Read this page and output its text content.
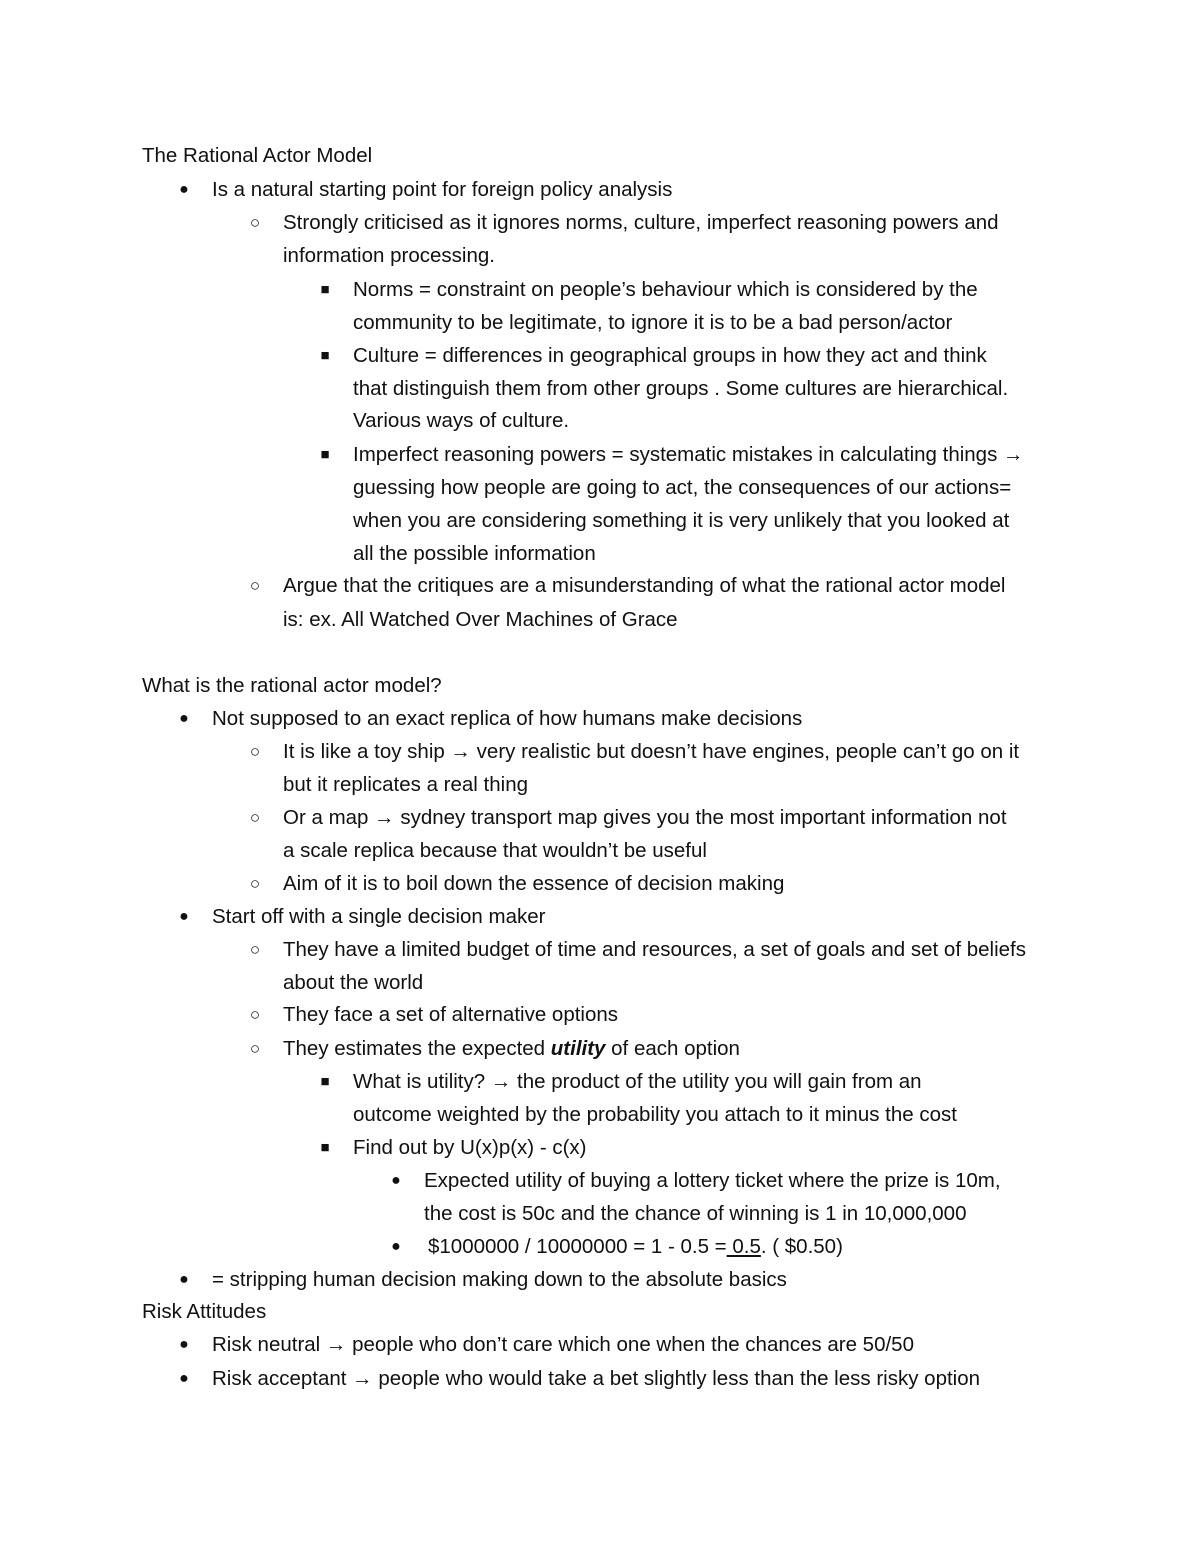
The Rational Actor Model
● Is a natural starting point for foreign policy analysis
○ Strongly criticised as it ignores norms, culture, imperfect reasoning powers and
information processing.
■ Norms = constraint on people’s behaviour which is considered by the
community to be legitimate, to ignore it is to be a bad person/actor
■ Culture = differences in geographical groups in how they act and think
that distinguish them from other groups . Some cultures are hierarchical.
Various ways of culture.
■ Imperfect reasoning powers = systematic mistakes in calculating things →
guessing how people are going to act, the consequences of our actions=
when you are considering something it is very unlikely that you looked at
all the possible information
○ Argue that the critiques are a misunderstanding of what the rational actor model
is: ex. All Watched Over Machines of Grace
What is the rational actor model?
● Not supposed to an exact replica of how humans make decisions
○ It is like a toy ship → very realistic but doesn’t have engines, people can’t go on it
but it replicates a real thing
○ Or a map → sydney transport map gives you the most important information not
a scale replica because that wouldn’t be useful
○ Aim of it is to boil down the essence of decision making
● Start off with a single decision maker
○ They have a limited budget of time and resources, a set of goals and set of beliefs
about the world
○ They face a set of alternative options
○ They estimates the expected utility of each option
■ What is utility? → the product of the utility you will gain from an
outcome weighted by the probability you attach to it minus the cost
■ Find out by U(x)p(x) - c(x)
● Expected utility of buying a lottery ticket where the prize is 10m,
the cost is 50c and the chance of winning is 1 in 10,000,000
● $1000000 / 10000000 = 1 - 0.5 = 0.5. ( $0.50)
● = stripping human decision making down to the absolute basics
Risk Attitudes
● Risk neutral → people who don’t care which one when the chances are 50/50
● Risk acceptant → people who would take a bet slightly less than the less risky option
